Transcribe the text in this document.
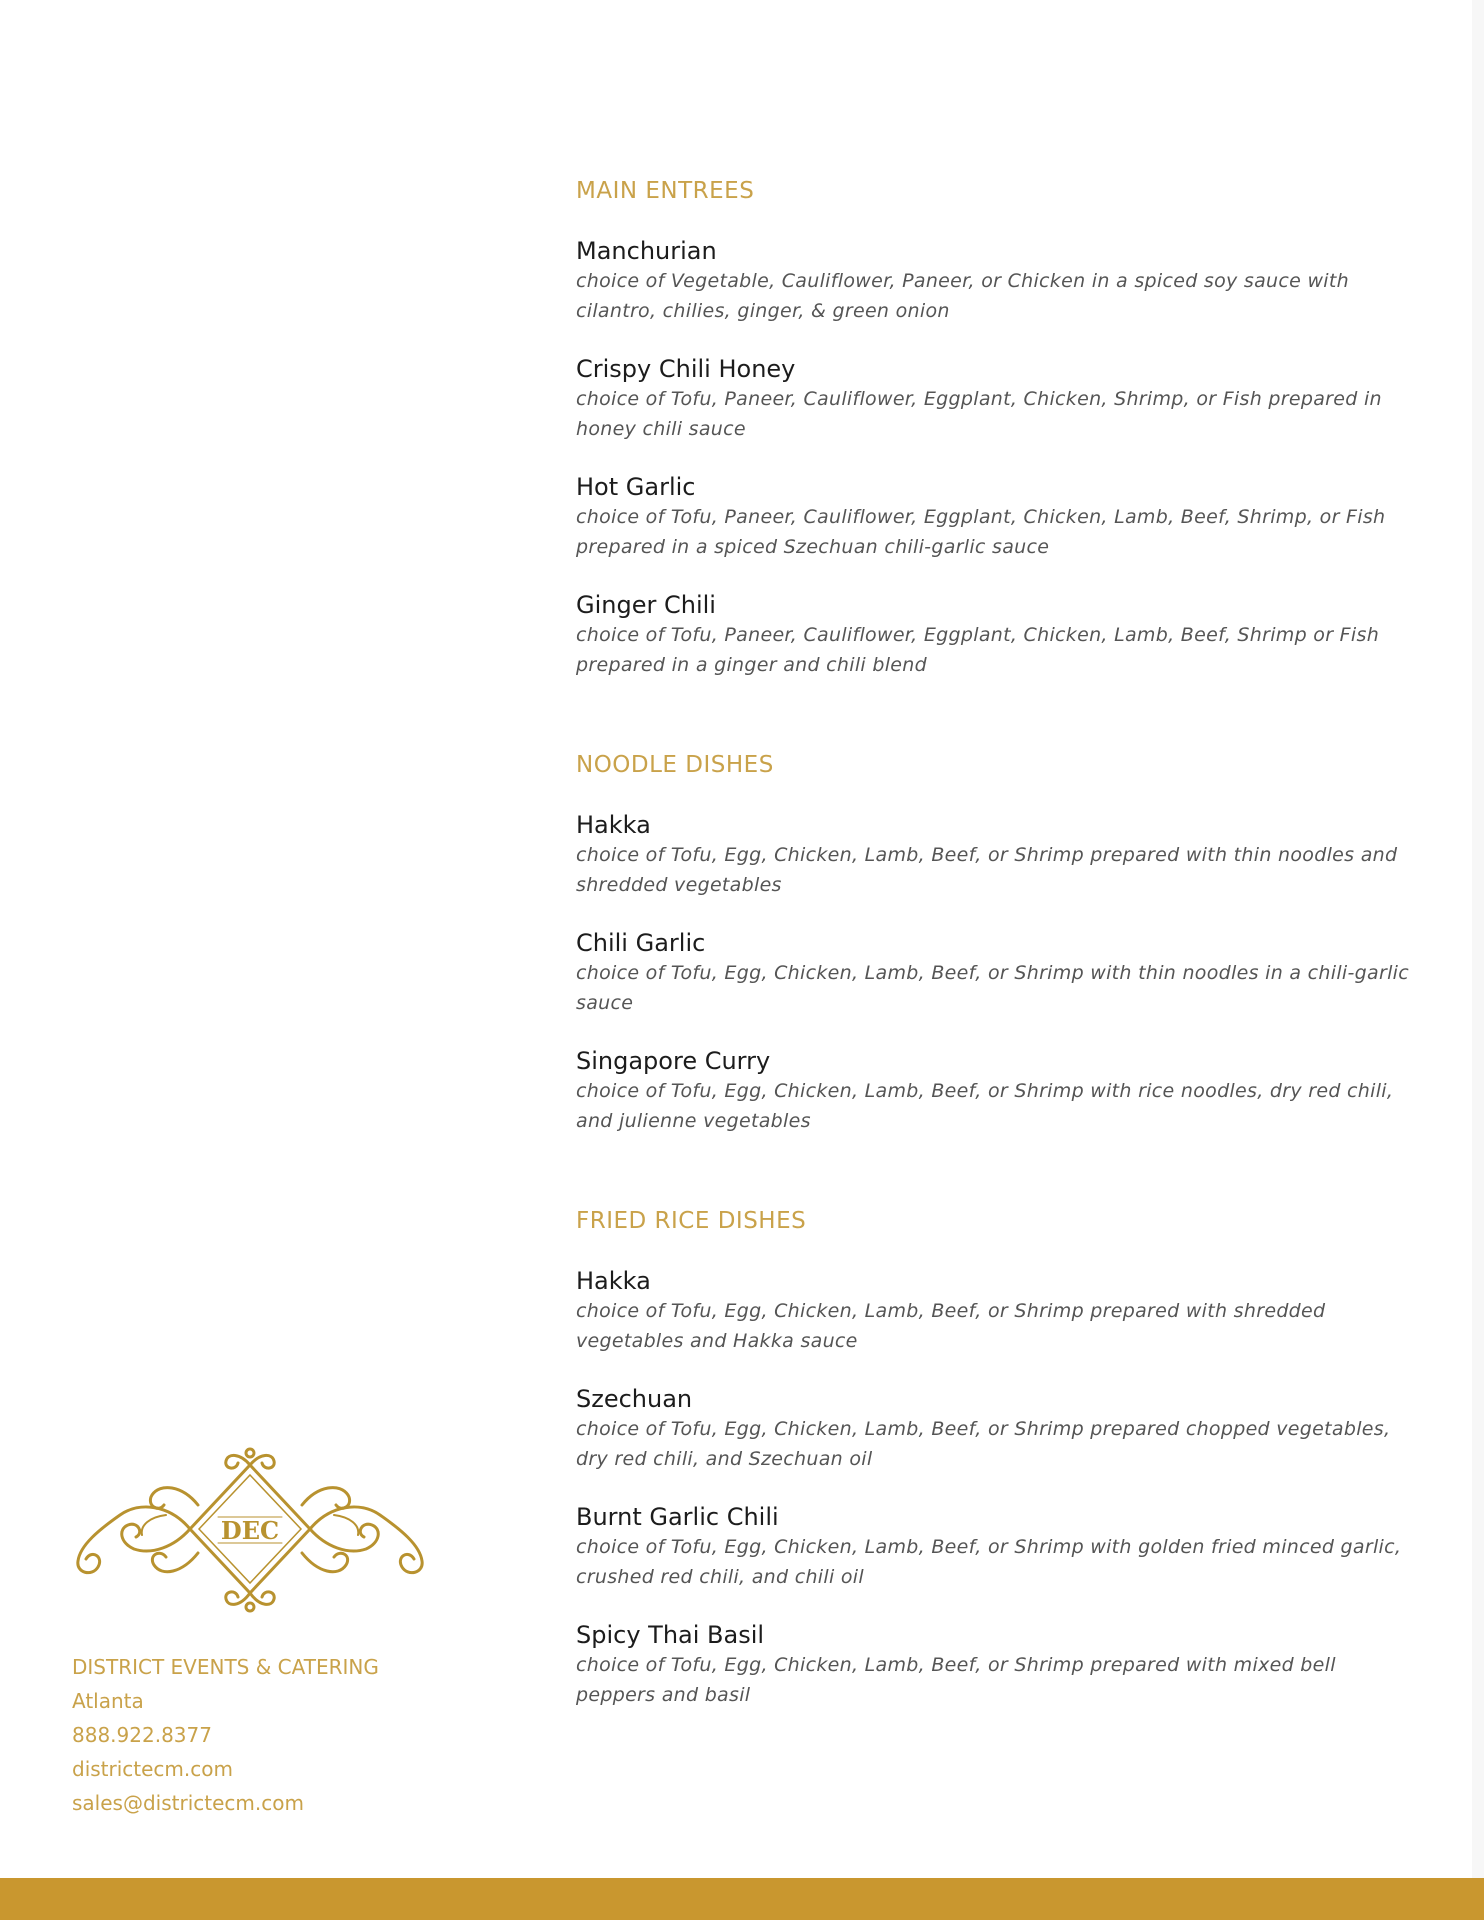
MAIN ENTREES
Manchurian
choice of Vegetable, Cauliflower, Paneer, or Chicken in a spiced soy sauce with cilantro, chilies, ginger, & green onion
Crispy Chili Honey
choice of Tofu, Paneer, Cauliflower, Eggplant, Chicken, Shrimp, or Fish prepared in honey chili sauce
Hot Garlic
choice of Tofu, Paneer, Cauliflower, Eggplant, Chicken, Lamb, Beef, Shrimp, or Fish prepared in a spiced Szechuan chili-garlic sauce
Ginger Chili
choice of Tofu, Paneer, Cauliflower, Eggplant, Chicken, Lamb, Beef, Shrimp or Fish prepared in a ginger and chili blend
NOODLE DISHES
Hakka
choice of Tofu, Egg, Chicken, Lamb, Beef, or Shrimp prepared with thin noodles and shredded vegetables
Chili Garlic
choice of Tofu, Egg, Chicken, Lamb, Beef, or Shrimp with thin noodles in a chili-garlic sauce
Singapore Curry
choice of Tofu, Egg, Chicken, Lamb, Beef, or Shrimp with rice noodles, dry red chili, and julienne vegetables
FRIED RICE DISHES
Hakka
choice of Tofu, Egg, Chicken, Lamb, Beef, or Shrimp prepared with shredded vegetables and Hakka sauce
Szechuan
choice of Tofu, Egg, Chicken, Lamb, Beef, or Shrimp prepared chopped vegetables, dry red chili, and Szechuan oil
Burnt Garlic Chili
choice of Tofu, Egg, Chicken, Lamb, Beef, or Shrimp with golden fried minced garlic, crushed red chili, and chili oil
Spicy Thai Basil
choice of Tofu, Egg, Chicken, Lamb, Beef, or Shrimp prepared with mixed bell peppers and basil
DEC
DISTRICT EVENTS & CATERING
Atlanta
888.922.8377
districtecm.com
sales@districtecm.com
